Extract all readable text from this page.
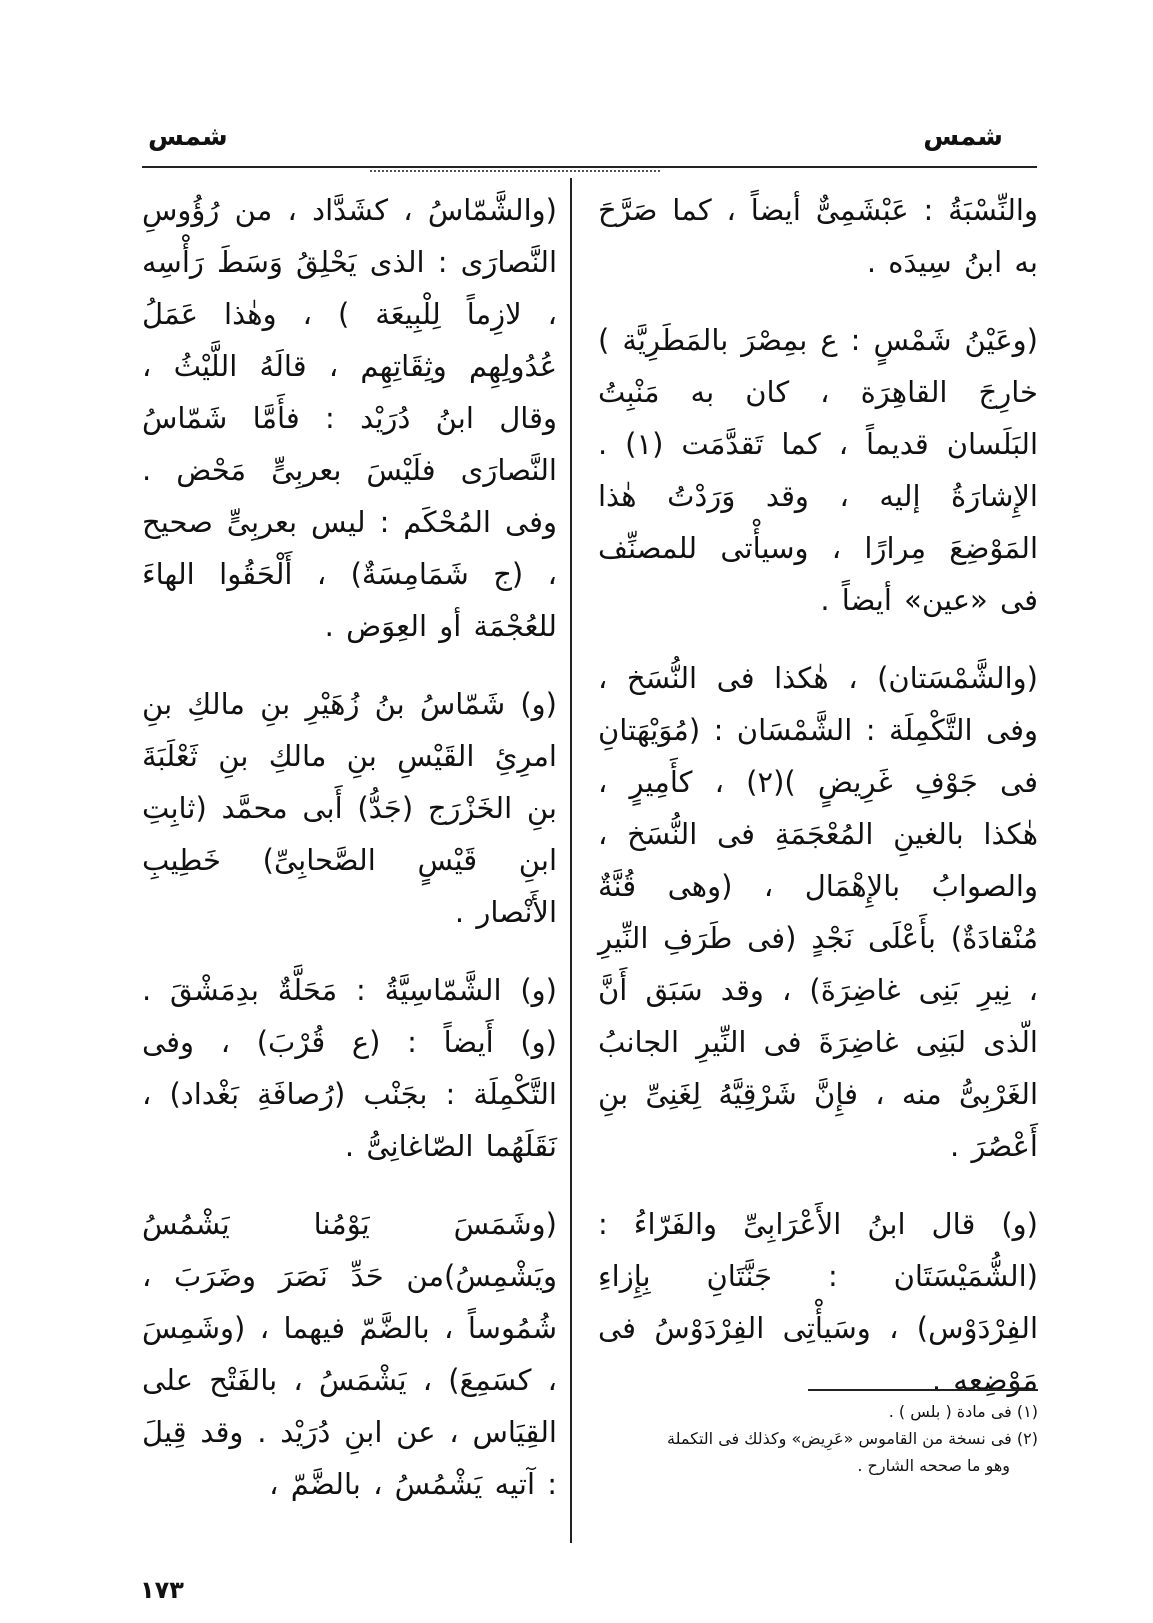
شمس
شمس

والنِّسْبَةُ : عَبْشَمِىٌّ أيضاً ، كما صَرَّحَ به ابنُ سِيدَه .

(وعَيْنُ شَمْسٍ : ع بمِصْرَ بالمَطَرِيَّة ) خارِجَ القاهِرَة ، كان به مَنْبِتُ البَلَسان قديماً ، كما تَقدَّمَت (١) . الإِشارَةُ إليه ، وقد وَرَدْتُ هٰذا المَوْضِعَ مِرارًا ، وسيأْتى للمصنِّف فى «عين» أيضاً .

(والشَّمْسَتان) ، هٰكذا فى النُّسَخ ، وفى التَّكْمِلَة : الشَّمْسَان : (مُوَيْهَتانِ فى جَوْفِ غَرِيضٍ )(٢) ، كأَمِيرٍ ، هٰكذا بالغينِ المُعْجَمَةِ فى النُّسَخ ، والصوابُ بالإِهْمَال ، (وهى قُنَّةٌ مُنْقادَةٌ) بأَعْلَى نَجْدٍ (فى طَرَفِ النِّيرِ ، نِيرِ بَنِى غاضِرَةَ) ، وقد سَبَق أَنَّ الّذى لبَنِى غاضِرَةَ فى النِّيرِ الجانبُ الغَرْبِىُّ منه ، فإِنَّ شَرْقِيَّهُ لِغَنِىِّ بنِ أَعْصُرَ .

(و) قال ابنُ الأَعْرَابِىِّ والفَرّاءُ : (الشُّمَيْسَتَان : جَنَّتَانِ بِإِزاءِ الفِرْدَوْس) ، وسَيأْتِى الفِرْدَوْسُ فى مَوْضِعه .

(والشَّمّاسُ ، كشَدَّاد ، من رُؤُوسِ النَّصارَى : الذى يَحْلِقُ وَسَطَ رَأْسِه ، لازِماً لِلْبِيعَة ) ، وهٰذا عَمَلُ عُدُولِهِم وثِقَاتِهِم ، قالَهُ اللَّيْثُ ، وقال ابنُ دُرَيْد : فأَمَّا شَمّاسُ النَّصارَى فلَيْسَ بعربِىٍّ مَحْض . وفى المُحْكَم : ليس بعربِىٍّ صحيح ، (ج شَمَامِسَةٌ) ، أَلْحَقُوا الهاءَ للعُجْمَة أو العِوَض .

(و) شَمّاسُ بنُ زُهَيْرِ بنِ مالكِ بنِ امرِئِ القَيْسِ بنِ مالكِ بنِ ثَعْلَبَةَ بنِ الخَزْرَج (جَدُّ) أَبى محمَّد (ثابِتِ ابنِ قَيْسٍ الصَّحابِىِّ) خَطِيبِ الأَنْصار .

(و) الشَّمّاسِيَّةُ : مَحَلَّةٌ بدِمَشْقَ . (و) أَيضاً : (ع قُرْبَ) ، وفى التَّكْمِلَة : بجَنْب (رُصافَةِ بَغْداد) ، نَقَلَهُما الصّاغانِىُّ .

(وشَمَسَ يَوْمُنا يَشْمُسُ ويَشْمِسُ)من حَدِّ نَصَرَ وضَرَبَ ، شُمُوساً ، بالضَّمّ فيهما ، (وشَمِسَ ، كسَمِعَ) ، يَشْمَسُ ، بالفَتْح على القِيَاس ، عن ابنِ دُرَيْد . وقد قِيلَ : آتيه يَشْمُسُ ، بالضَّمّ ،

(١) فى مادة ( بلس ) .
(٢) فى نسخة من القاموس «عَرِيض» وكذلك فى التكملة
وهو ما صححه الشارح .
١٧٣
